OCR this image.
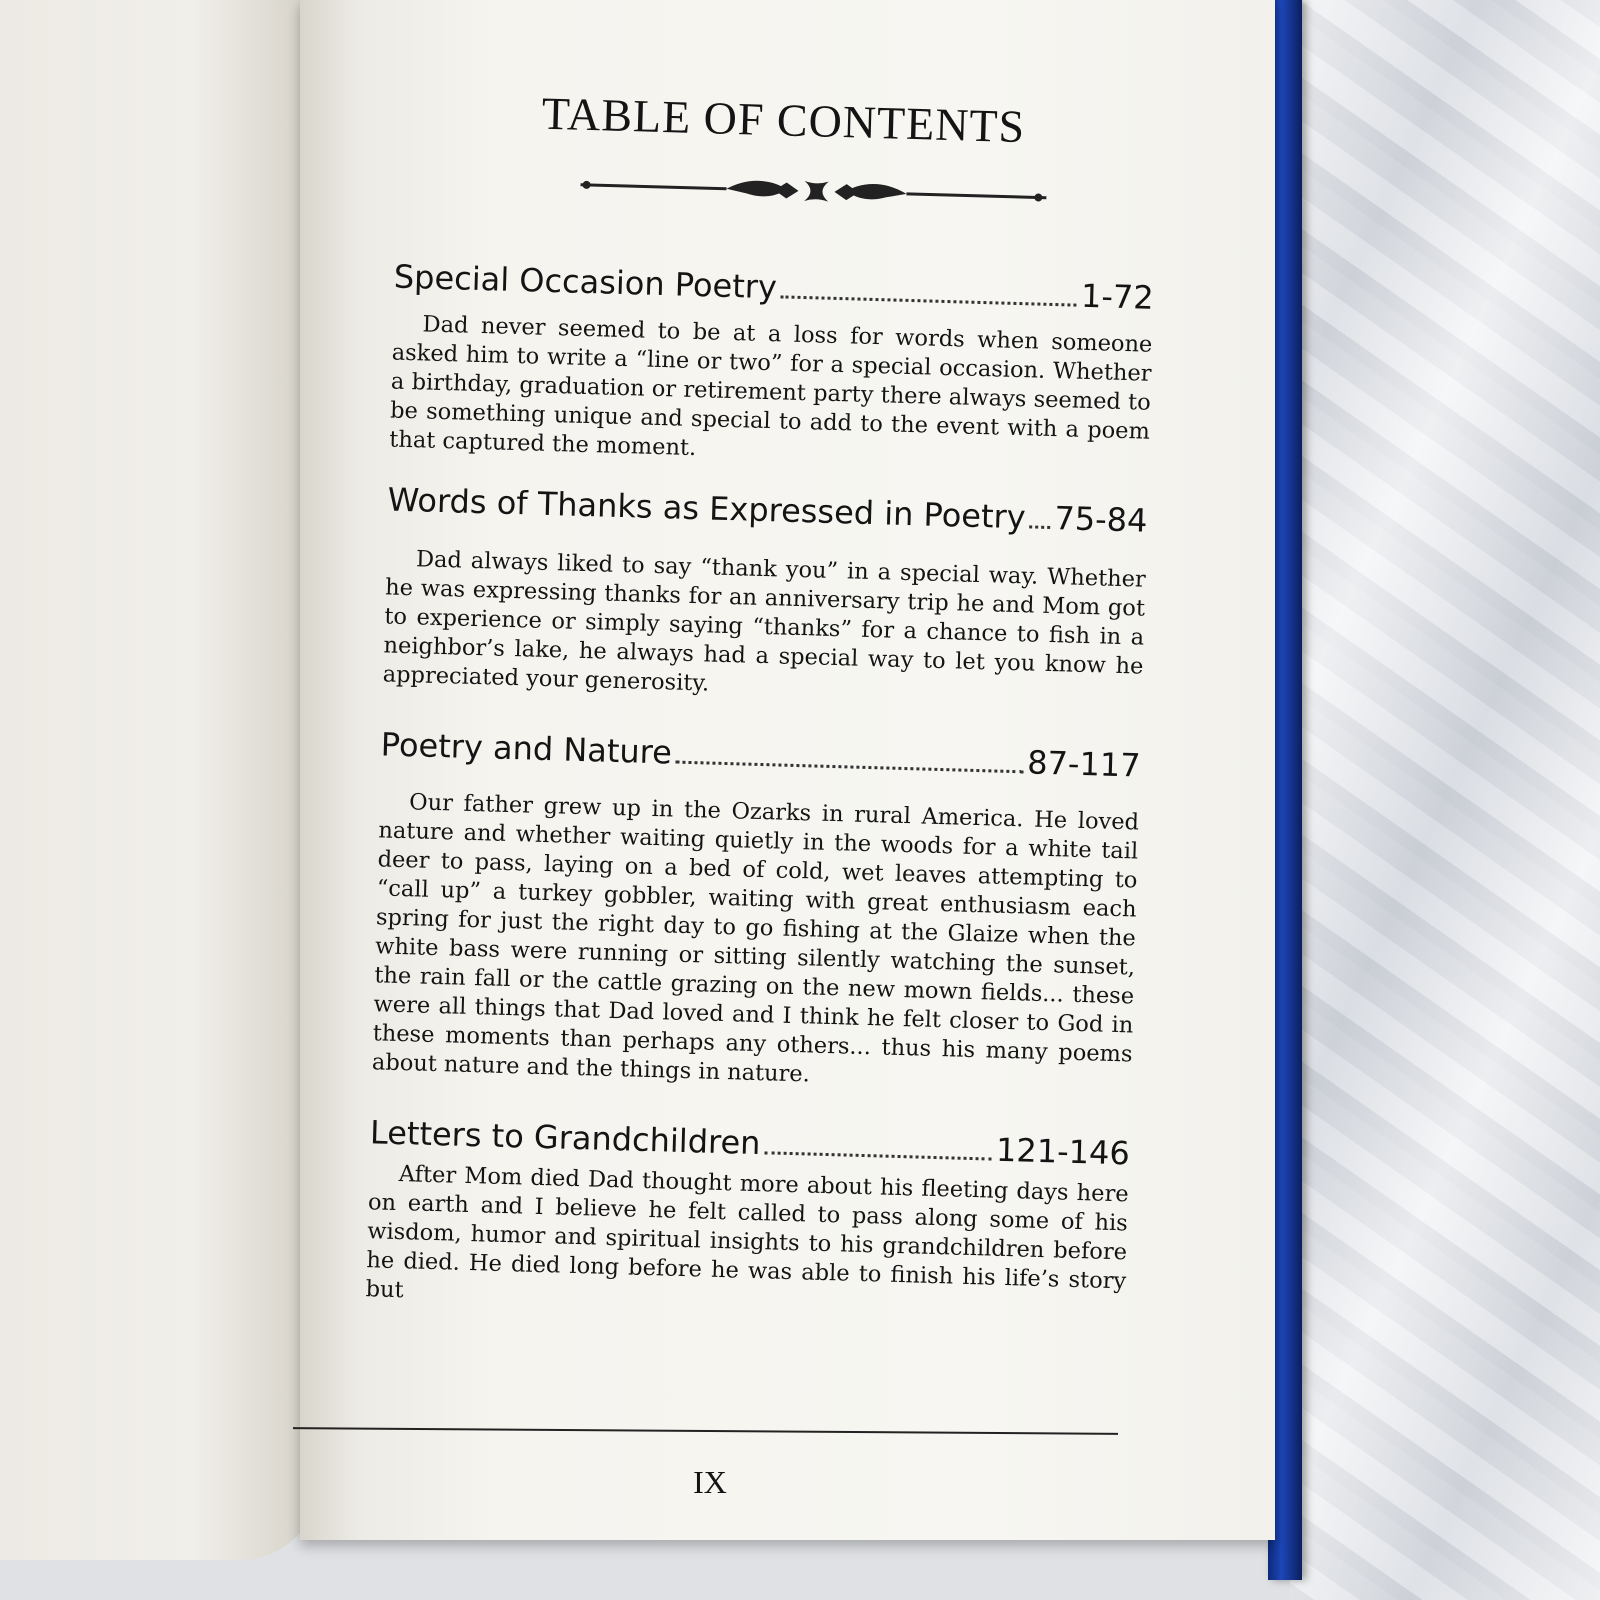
TABLE OF CONTENTS
Special Occasion Poetry	1-72

Dad never seemed to be at a loss for words when someone asked him to write a “line or two” for a special occasion. Whether a birthday, graduation or retirement party there always seemed to be something unique and special to add to the event with a poem that captured the moment.

Words of Thanks as Expressed in Poetry 75-84

Dad always liked to say “thank you” in a special way. Whether he was expressing thanks for an anniversary trip he and Mom got to experience or simply saying “thanks” for a chance to fish in a neighbor’s lake, he always had a special way to let you know he appreciated your generosity.

Poetry and Nature	87-117

Our father grew up in the Ozarks in rural America. He loved nature and whether waiting quietly in the woods for a white tail deer to pass, laying on a bed of cold, wet leaves attempting to “call up” a turkey gobbler, waiting with great enthusiasm each spring for just the right day to go fishing at the Glaize when the white bass were running or sitting silently watching the sunset, the rain fall or the cattle grazing on the new mown fields... these were all things that Dad loved and I think he felt closer to God in these moments than perhaps any others... thus his many poems about nature and the things in nature.

Letters to Grandchildren	121-146

After Mom died Dad thought more about his fleeting days here on earth and I believe he felt called to pass along some of his wisdom, humor and spiritual insights to his grandchildren before he died. He died long before he was able to finish his life’s story but

IX
